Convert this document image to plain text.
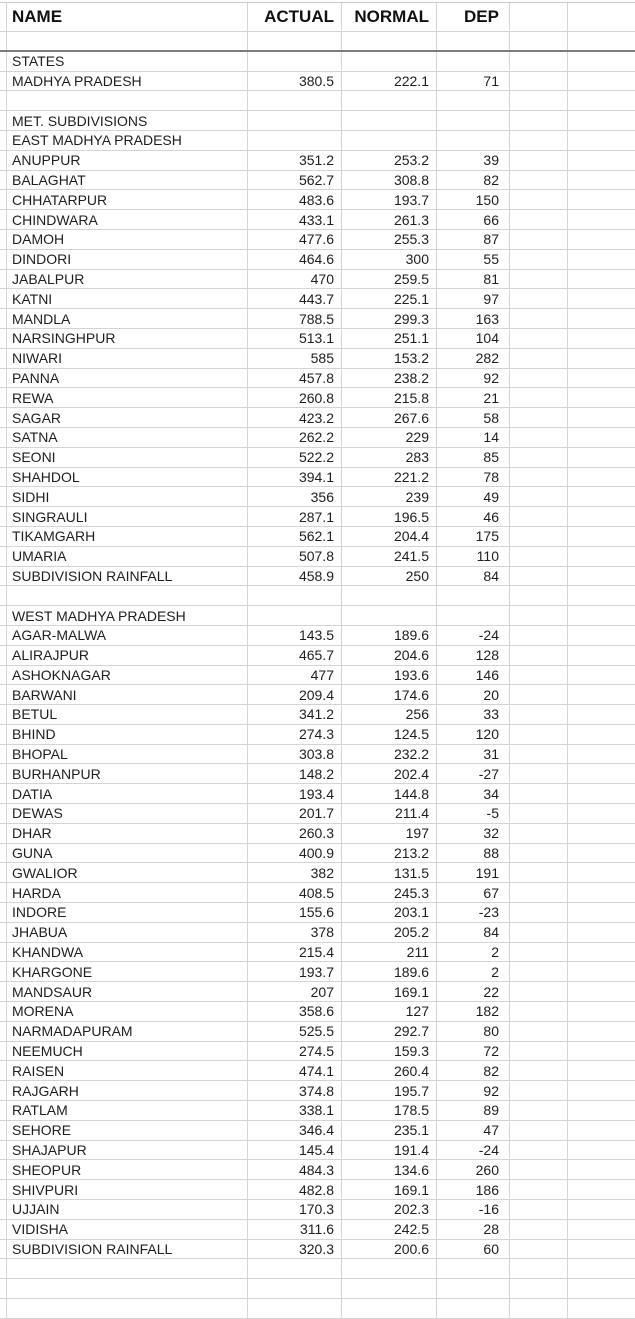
NAME	ACTUAL NORMAL DEP
STATES
MADHYA PRADESH	380.5	222.1	71
MET. SUBDIVISIONS
EAST MADHYA PRADESH
ANUPPUR	351.2	253.2	39
BALAGHAT	562.7	308.8	82
CHHATARPUR	483.6	193.7	150
CHINDWARA	433.1	261.3	66
DAMOH	477.6	255.3	87
DINDORI	464.6	300	55
JABALPUR	470	259.5	81
KATNI	443.7	225.1	97
MANDLA	788.5	299.3	163
NARSINGHPUR	513.1	251.1	104
NIWARI	585	153.2	282
PANNA	457.8	238.2	92
REWA	260.8	215.8	21
SAGAR	423.2	267.6	58
SATNA	262.2	229	14
SEONI	522.2	283	85
SHAHDOL	394.1	221.2	78
SIDHI	356	239	49
SINGRAULI	287.1	196.5	46
TIKAMGARH	562.1	204.4	175
UMARIA	507.8	241.5	110
SUBDIVISION RAINFALL	458.9	250	84
WEST MADHYA PRADESH
AGAR-MALWA	143.5	189.6	-24
ALIRAJPUR	465.7	204.6	128
ASHOKNAGAR	477	193.6	146
BARWANI	209.4	174.6	20
BETUL	341.2	256	33
BHIND	274.3	124.5	120
BHOPAL	303.8	232.2	31
BURHANPUR	148.2	202.4	-27
DATIA	193.4	144.8	34
DEWAS	201.7	211.4	-5
DHAR	260.3	197	32
GUNA	400.9	213.2	88
GWALIOR	382	131.5	191
HARDA	408.5	245.3	67
INDORE	155.6	203.1	-23
JHABUA	378	205.2	84
KHANDWA	215.4	211	2
KHARGONE	193.7	189.6	2
MANDSAUR	207	169.1	22
MORENA	358.6	127	182
NARMADAPURAM	525.5	292.7	80
NEEMUCH	274.5	159.3	72
RAISEN	474.1	260.4	82
RAJGARH	374.8	195.7	92
RATLAM	338.1	178.5	89
SEHORE	346.4	235.1	47
SHAJAPUR	145.4	191.4	-24
SHEOPUR	484.3	134.6	260
SHIVPURI	482.8	169.1	186
UJJAIN	170.3	202.3	-16
VIDISHA	311.6	242.5	28
SUBDIVISION RAINFALL	320.3	200.6	60
